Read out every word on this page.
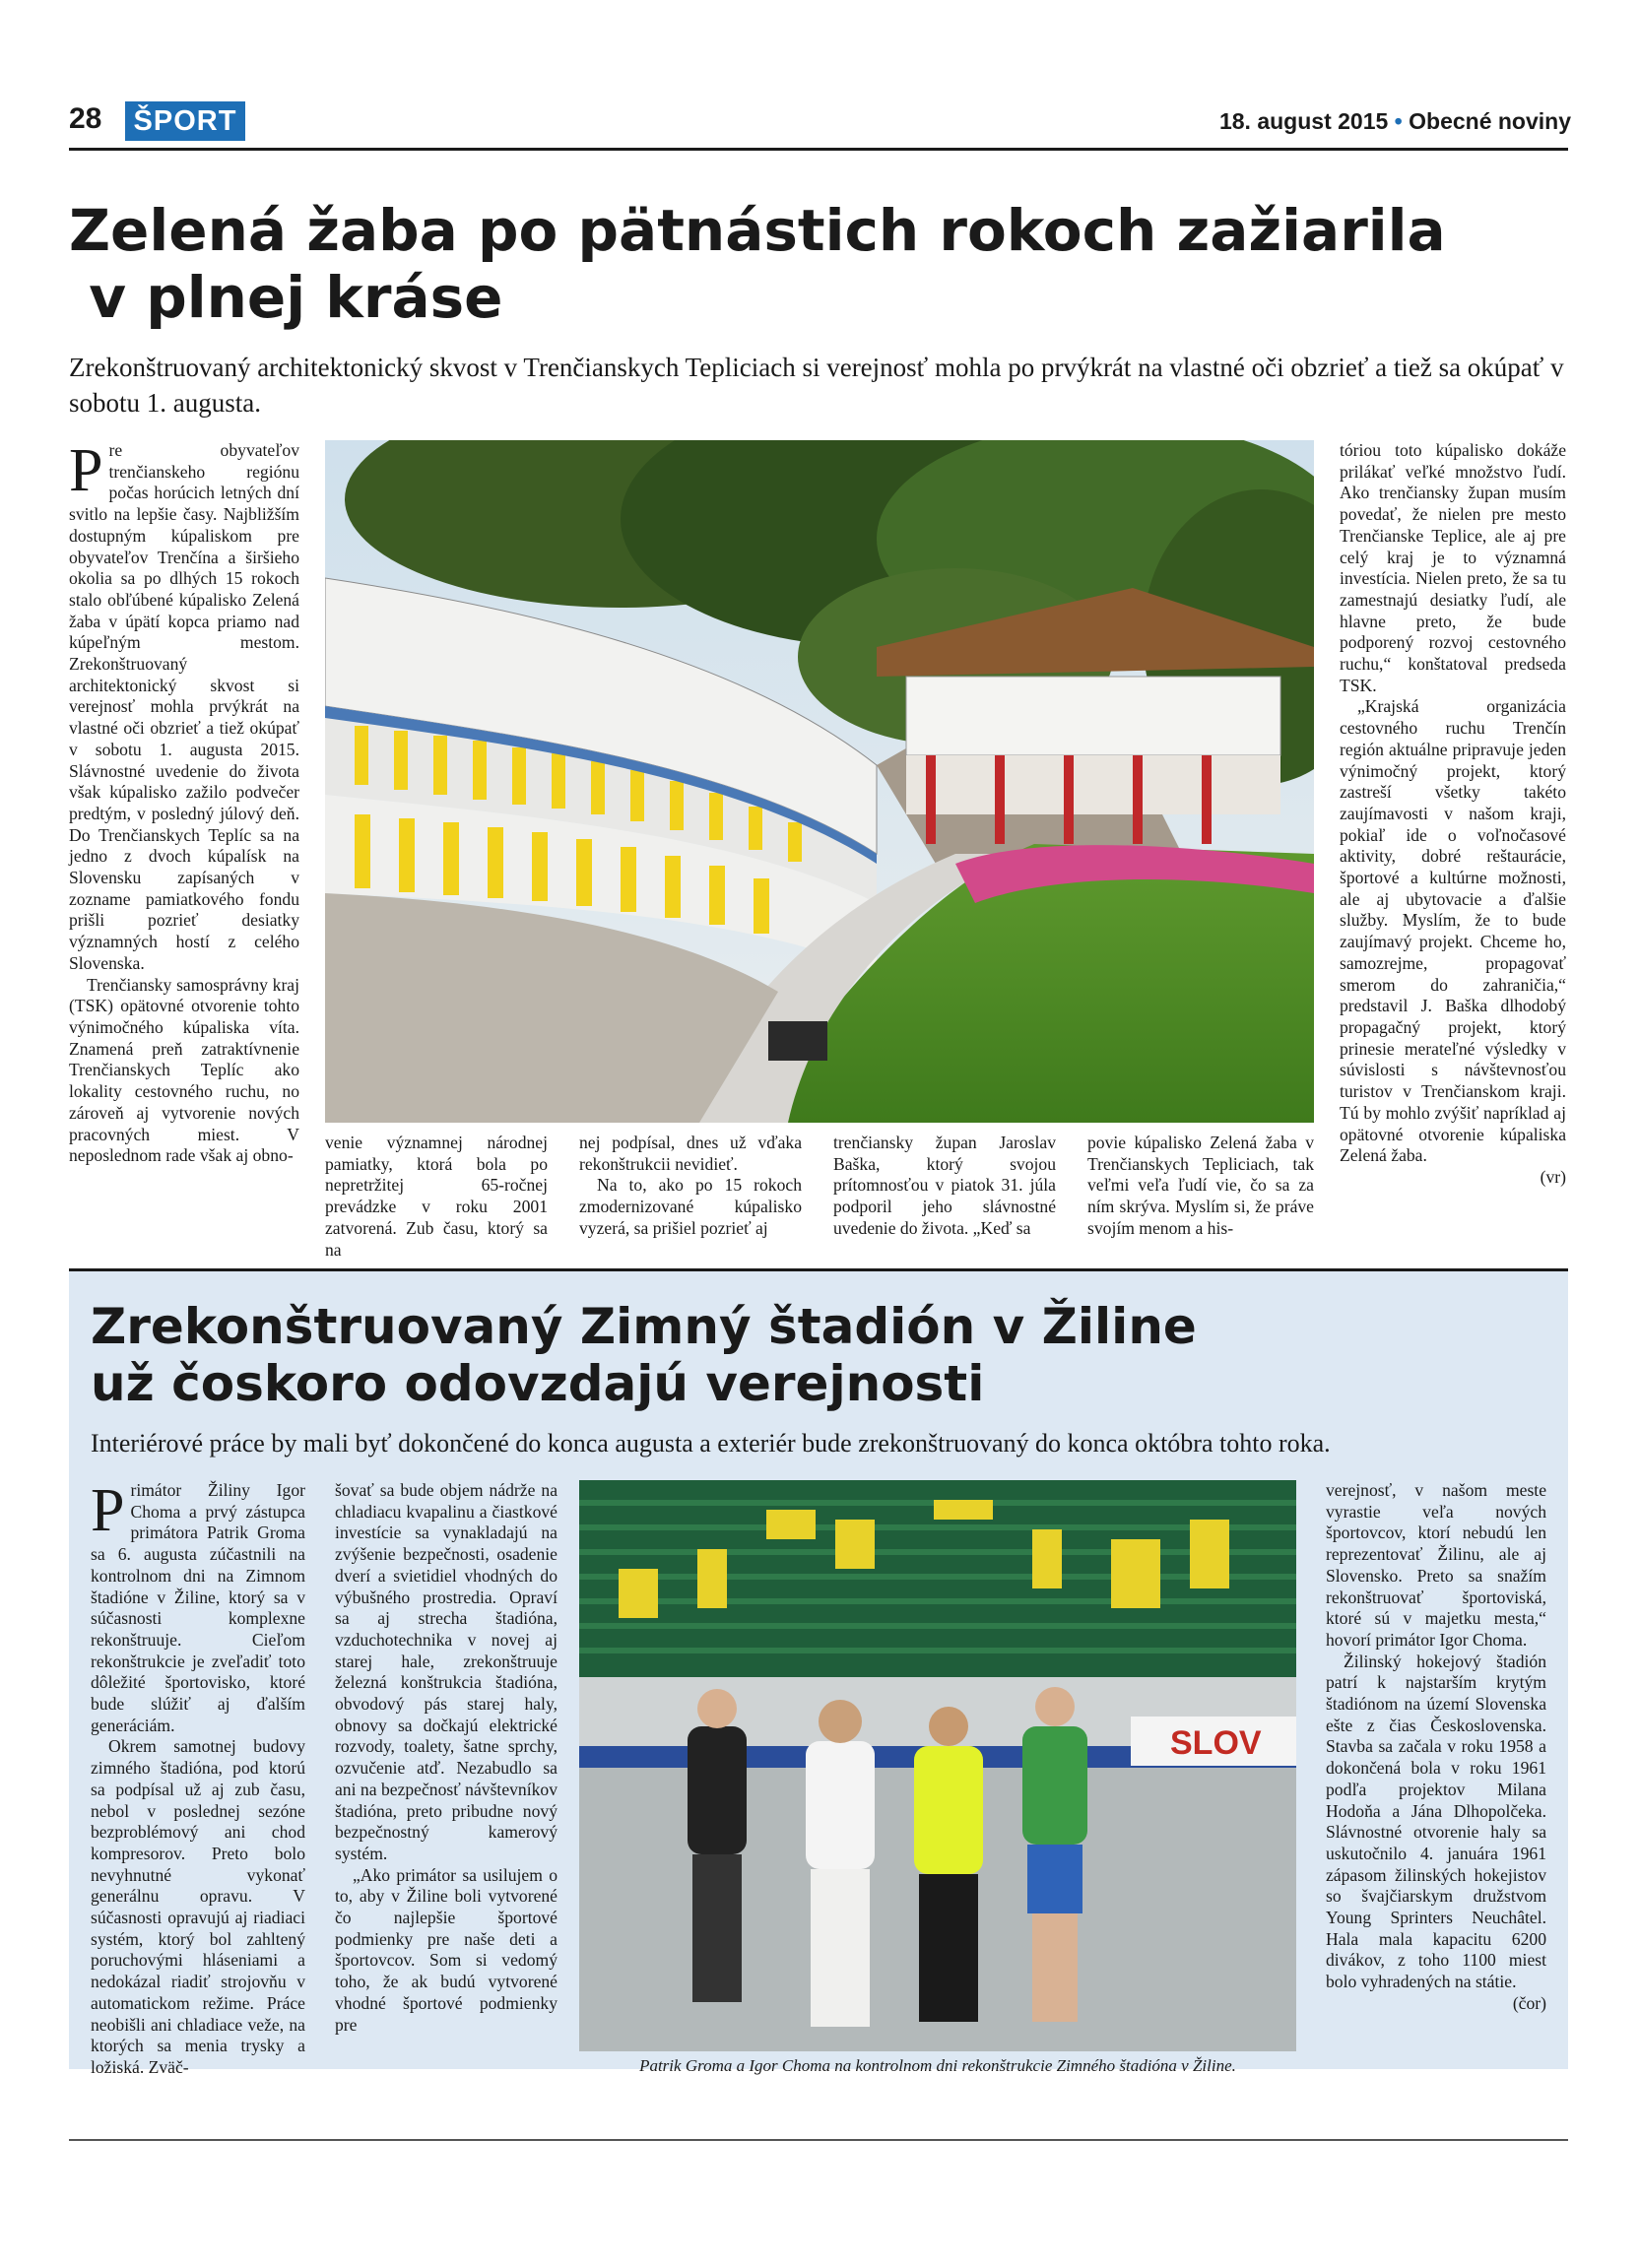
28 ŠPORT	18. august 2015 • Obecné noviny
Zelená žaba po pätnástich rokoch zažiarila
v plnej kráse
Zrekonštruovaný architektonický skvost v Trenčianskych Tepliciach si verejnosť mohla po prvýkrát na vlastné oči obzrieť a tiež sa okúpať v sobotu 1. augusta.

Pre obyvateľov trenčianskeho regiónu počas horúcich letných dní svitlo na lepšie časy. Najbližším dostupným kúpaliskom pre obyvateľov Trenčína a širšieho okolia sa po dlhých 15 rokoch stalo obľúbené kúpalisko Zelená žaba v úpätí kopca priamo nad kúpeľným mestom. Zrekonštruovaný architektonický skvost si verejnosť mohla prvýkrát na vlastné oči obzrieť a tiež okúpať v sobotu 1. augusta 2015. Slávnostné uvedenie do života však kúpalisko zažilo podvečer predtým, v posledný júlový deň. Do Trenčianskych Teplíc sa na jedno z dvoch kúpalísk na Slovensku zapísaných v zozname pamiatkového fondu prišli pozrieť desiatky významných hostí z celého Slovenska.

Trenčiansky samosprávny kraj (TSK) opätovné otvorenie tohto výnimočného kúpaliska víta. Znamená preň zatraktívnenie Trenčianskych Teplíc ako lokality cestovného ruchu, no zároveň aj vytvorenie nových pracovných miest. V neposlednom rade však aj obno-

venie významnej národnej pamiatky, ktorá bola po nepretržitej 65-ročnej prevádzke v roku 2001 zatvorená. Zub času, ktorý sa na

nej podpísal, dnes už vďaka rekonštrukcii nevidieť.

Na to, ako po 15 rokoch zmodernizované kúpalisko vyzerá, sa prišiel pozrieť aj

trenčiansky župan Jaroslav Baška, ktorý svojou prítomnosťou v piatok 31. júla podporil jeho slávnostné uvedenie do života. „Keď sa

povie kúpalisko Zelená žaba v Trenčianskych Tepliciach, tak veľmi veľa ľudí vie, čo sa za ním skrýva. Myslím si, že práve svojím menom a his-

tóriou toto kúpalisko dokáže prilákať veľké množstvo ľudí. Ako trenčiansky župan musím povedať, že nielen pre mesto Trenčianske Teplice, ale aj pre celý kraj je to významná investícia. Nielen preto, že sa tu zamestnajú desiatky ľudí, ale hlavne preto, že bude podporený rozvoj cestovného ruchu,“ konštatoval predseda TSK.

„Krajská organizácia cestovného ruchu Trenčín región aktuálne pripravuje jeden výnimočný projekt, ktorý zastreší všetky takéto zaujímavosti v našom kraji, pokiaľ ide o voľnočasové aktivity, dobré reštaurácie, športové a kultúrne možnosti, ale aj ubytovacie a ďalšie služby. Myslím, že to bude zaujímavý projekt. Chceme ho, samozrejme, propagovať smerom do zahraničia,“ predstavil J. Baška dlhodobý propagačný projekt, ktorý prinesie merateľné výsledky v súvislosti s návštevnosťou turistov v Trenčianskom kraji. Tú by mohlo zvýšiť napríklad aj opätovné otvorenie kúpaliska Zelená žaba.

(vr)

Zrekonštruovaný Zimný štadión v Žiline
už čoskoro odovzdajú verejnosti
Interiérové práce by mali byť dokončené do konca augusta a exteriér bude zrekonštruovaný do konca októbra tohto roka.

Primátor Žiliny Igor Choma a prvý zástupca primátora Patrik Groma sa 6. augusta zúčastnili na kontrolnom dni na Zimnom štadióne v Žiline, ktorý sa v súčasnosti komplexne rekonštruuje. Cieľom rekonštrukcie je zveľadiť toto dôležité športovisko, ktoré bude slúžiť aj ďalším generáciám.

Okrem samotnej budovy zimného štadióna, pod ktorú sa podpísal už aj zub času, nebol v poslednej sezóne bezproblémový ani chod kompresorov. Preto bolo nevyhnutné vykonať generálnu opravu. V súčasnosti opravujú aj riadiaci systém, ktorý bol zahltený poruchovými hláseniami a nedokázal riadiť strojovňu v automatickom režime. Práce neobišli ani chladiace veže, na ktorých sa menia trysky a ložiská. Zväč-

šovať sa bude objem nádrže na chladiacu kvapalinu a čiastkové investície sa vynakladajú na zvýšenie bezpečnosti, osadenie dverí a svietidiel vhodných do výbušného prostredia. Opraví sa aj strecha štadióna, vzduchotechnika v novej aj starej hale, zrekonštruuje železná konštrukcia štadióna, obvodový pás starej haly, obnovy sa dočkajú elektrické rozvody, toalety, šatne sprchy, ozvučenie atď. Nezabudlo sa ani na bezpečnosť návštevníkov štadióna, preto pribudne nový bezpečnostný kamerový systém.

„Ako primátor sa usilujem o to, aby v Žiline boli vytvorené čo najlepšie športové podmienky pre naše deti a športovcov. Som si vedomý toho, že ak budú vytvorené vhodné športové podmienky pre

SLOV
Patrik Groma a Igor Choma na kontrolnom dni rekonštrukcie Zimného štadióna v Žiline.

verejnosť, v našom meste vyrastie veľa nových športovcov, ktorí nebudú len reprezentovať Žilinu, ale aj Slovensko. Preto sa snažím rekonštruovať športoviská, ktoré sú v majetku mesta,“ hovorí primátor Igor Choma.

Žilinský hokejový štadión patrí k najstarším krytým štadiónom na území Slovenska ešte z čias Československa. Stavba sa začala v roku 1958 a dokončená bola v roku 1961 podľa projektov Milana Hodoňa a Jána Dlhopolčeka. Slávnostné otvorenie haly sa uskutočnilo 4. januára 1961 zápasom žilinských hokejistov so švajčiarskym družstvom Young Sprinters Neuchâtel. Hala mala kapacitu 6200 divákov, z toho 1100 miest bolo vyhradených na státie.

(čor)
